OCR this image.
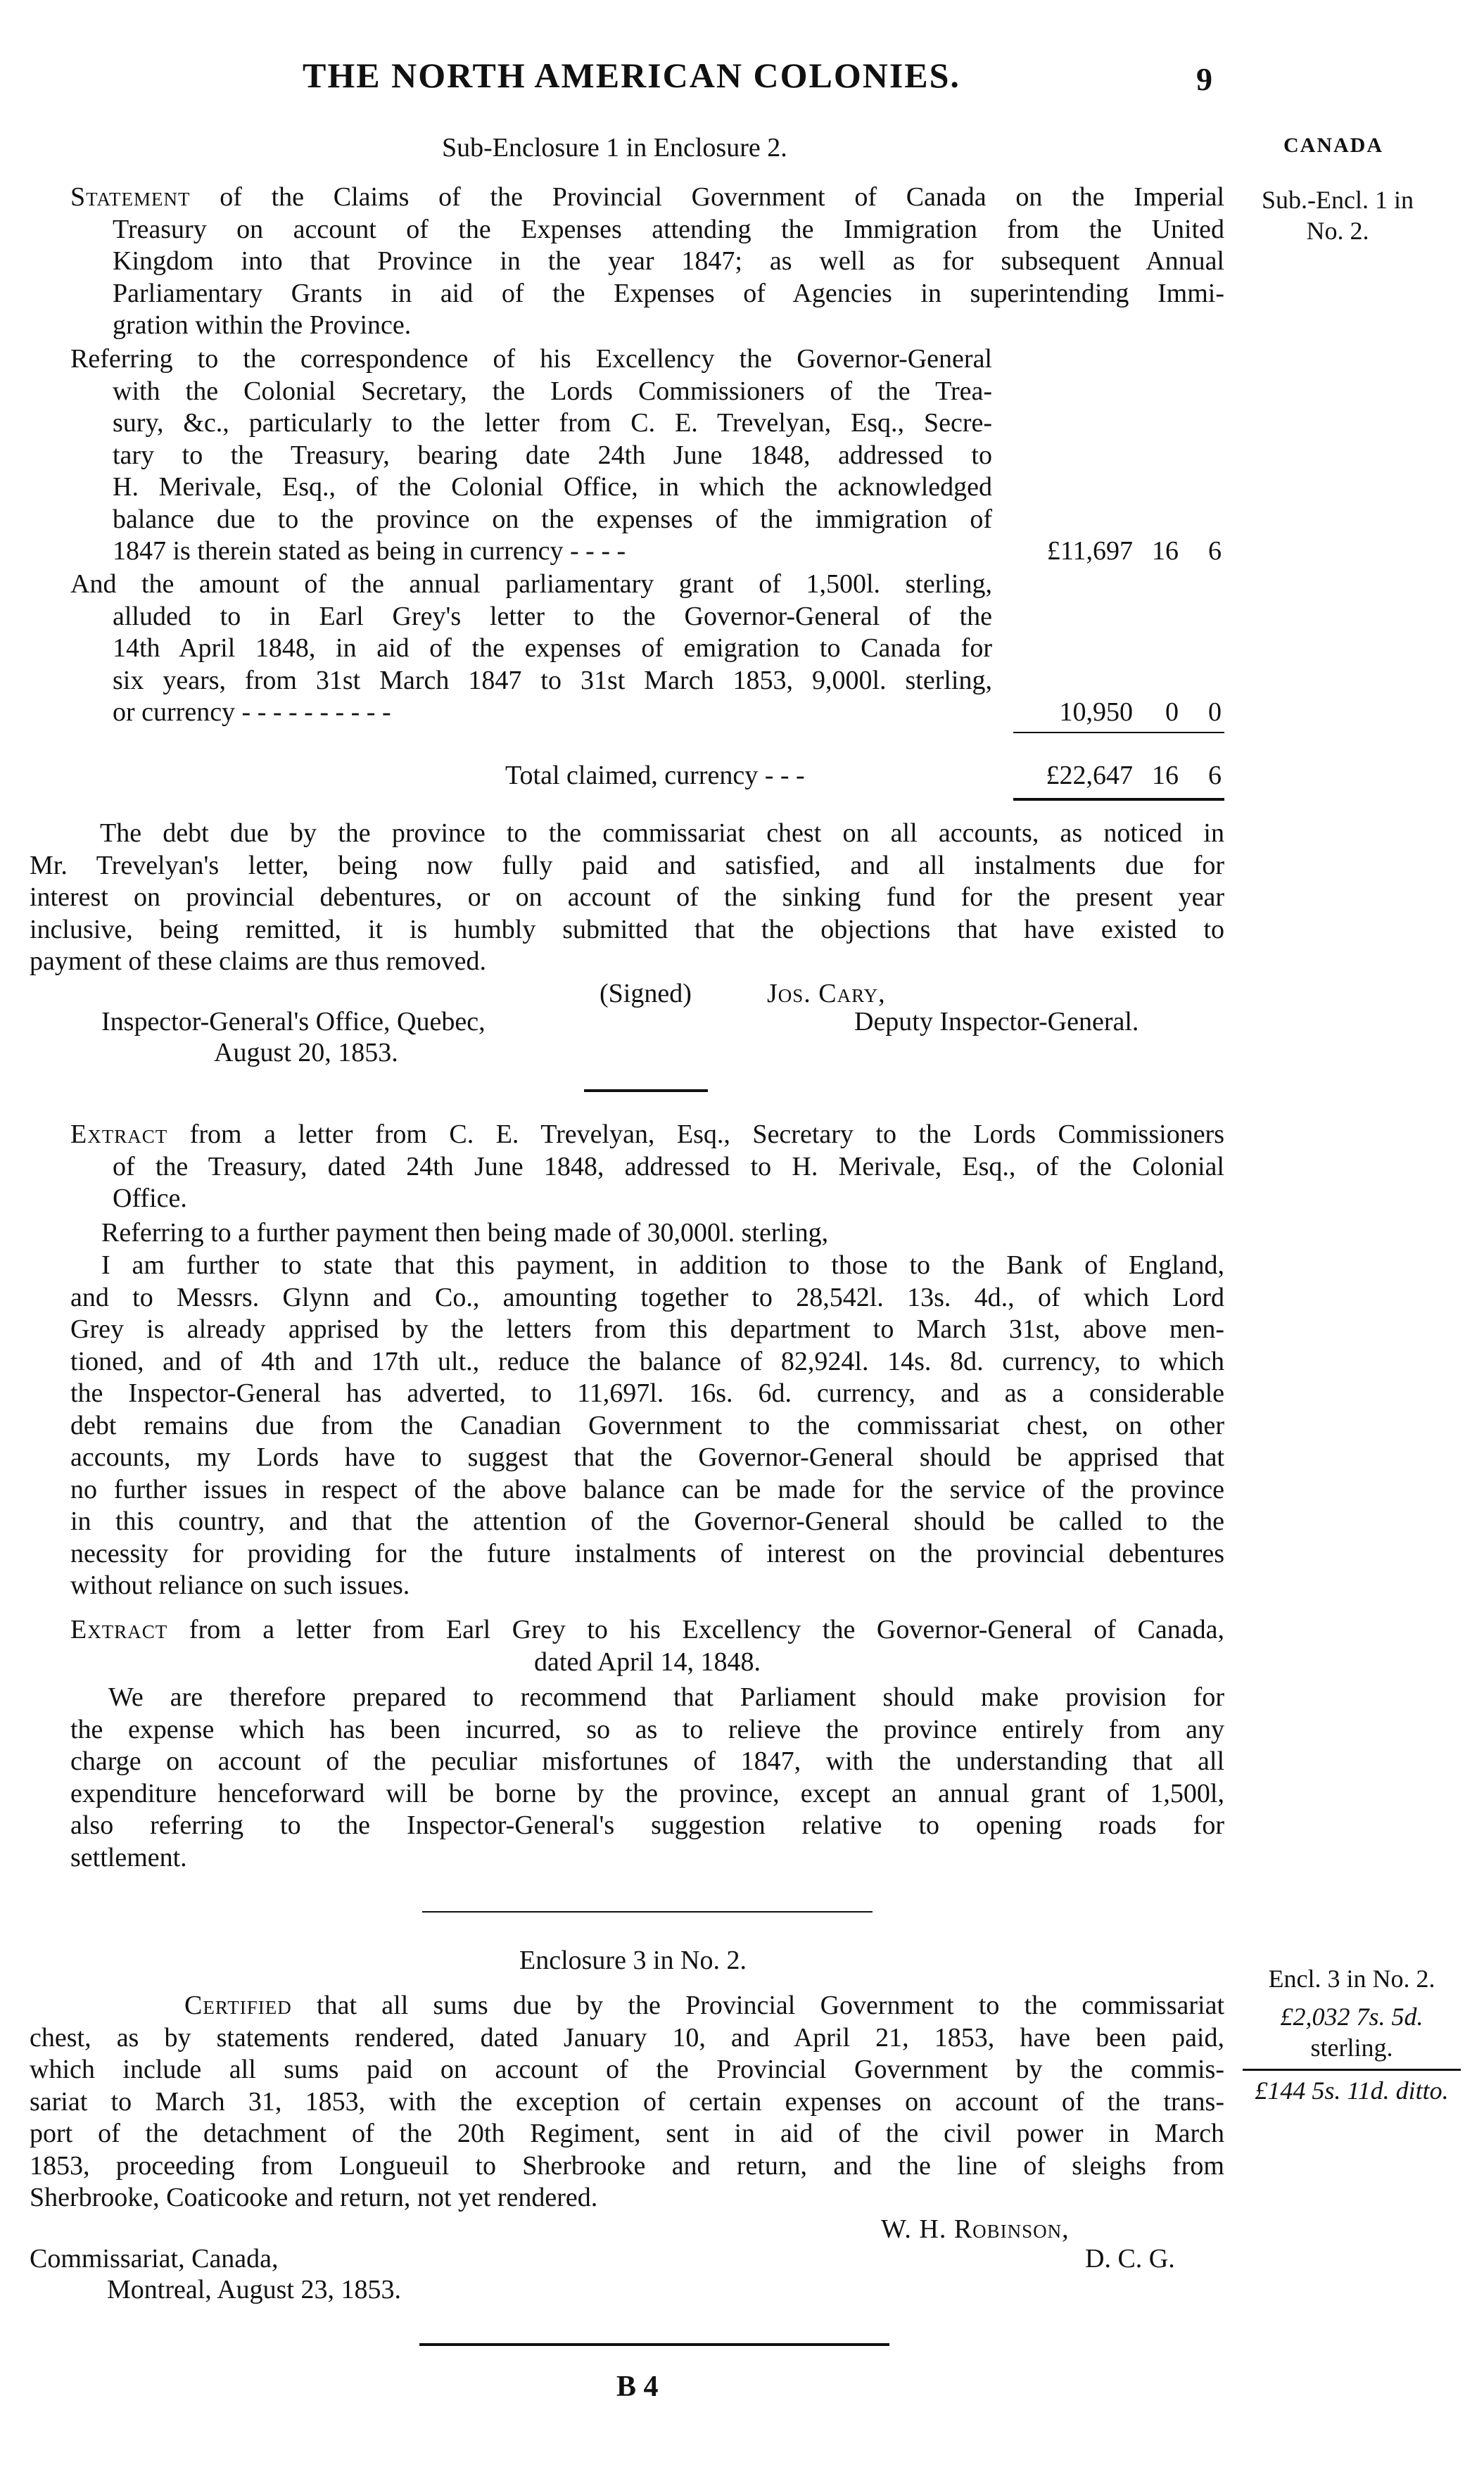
THE NORTH AMERICAN COLONIES.	9
CANADA
Sub-Enclosure 1 in Enclosure 2.
Sub.-Encl. 1 in
No. 2.
Statement of the Claims of the Provincial Government of Canada on the Imperial
Treasury on account of the Expenses attending the Immigration from the United
Kingdom into that Province in the year 1847; as well as for subsequent Annual
Parliamentary Grants in aid of the Expenses of Agencies in superintending Immi-
gration within the Province.
Referring to the correspondence of his Excellency the Governor-General
with the Colonial Secretary, the Lords Commissioners of the Trea-
sury, &c., particularly to the letter from C. E. Trevelyan, Esq., Secre-
tary to the Treasury, bearing date 24th June 1848, addressed to
H. Merivale, Esq., of the Colonial Office, in which the acknowledged
balance due to the province on the expenses of the immigration of
1847 is therein stated as being in currency - - - -	£11,697 16	6
And the amount of the annual parliamentary grant of 1,500l. sterling,
alluded to in Earl Grey's letter to the Governor-General of the
14th April 1848, in aid of the expenses of emigration to Canada for
six years, from 31st March 1847 to 31st March 1853, 9,000l. sterling,
or currency - - - - - - - - - -	10,950	0	0
Total claimed, currency - - -	£22,647 16	6
The debt due by the province to the commissariat chest on all accounts, as noticed in
Mr. Trevelyan's letter, being now fully paid and satisfied, and all instalments due for
interest on provincial debentures, or on account of the sinking fund for the present year
inclusive, being remitted, it is humbly submitted that the objections that have existed to
payment of these claims are thus removed.
(Signed)	Jos. Cary,
Inspector-General's Office, Quebec,	Deputy Inspector-General.
August 20, 1853.
Extract from a letter from C. E. Trevelyan, Esq., Secretary to the Lords Commissioners
of the Treasury, dated 24th June 1848, addressed to H. Merivale, Esq., of the Colonial
Office.
Referring to a further payment then being made of 30,000l. sterling,
I am further to state that this payment, in addition to those to the Bank of England,
and to Messrs. Glynn and Co., amounting together to 28,542l. 13s. 4d., of which Lord
Grey is already apprised by the letters from this department to March 31st, above men-
tioned, and of 4th and 17th ult., reduce the balance of 82,924l. 14s. 8d. currency, to which
the Inspector-General has adverted, to 11,697l. 16s. 6d. currency, and as a considerable
debt remains due from the Canadian Government to the commissariat chest, on other
accounts, my Lords have to suggest that the Governor-General should be apprised that
no further issues in respect of the above balance can be made for the service of the province
in this country, and that the attention of the Governor-General should be called to the
necessity for providing for the future instalments of interest on the provincial debentures
without reliance on such issues.
Extract from a letter from Earl Grey to his Excellency the Governor-General of Canada,
dated April 14, 1848.
We are therefore prepared to recommend that Parliament should make provision for
the expense which has been incurred, so as to relieve the province entirely from any
charge on account of the peculiar misfortunes of 1847, with the understanding that all
expenditure henceforward will be borne by the province, except an annual grant of 1,500l,
also referring to the Inspector-General's suggestion relative to opening roads for
settlement.
Enclosure 3 in No. 2.
Encl. 3 in No. 2.
£2,032 7s. 5d.
sterling.
£144 5s. 11d. ditto.
Certified that all sums due by the Provincial Government to the commissariat
chest, as by statements rendered, dated January 10, and April 21, 1853, have been paid,
which include all sums paid on account of the Provincial Government by the commis-
sariat to March 31, 1853, with the exception of certain expenses on account of the trans-
port of the detachment of the 20th Regiment, sent in aid of the civil power in March
1853, proceeding from Longueuil to Sherbrooke and return, and the line of sleighs from
Sherbrooke, Coaticooke and return, not yet rendered.
W. H. Robinson,
Commissariat, Canada,	D. C. G.
Montreal, August 23, 1853.
B 4
